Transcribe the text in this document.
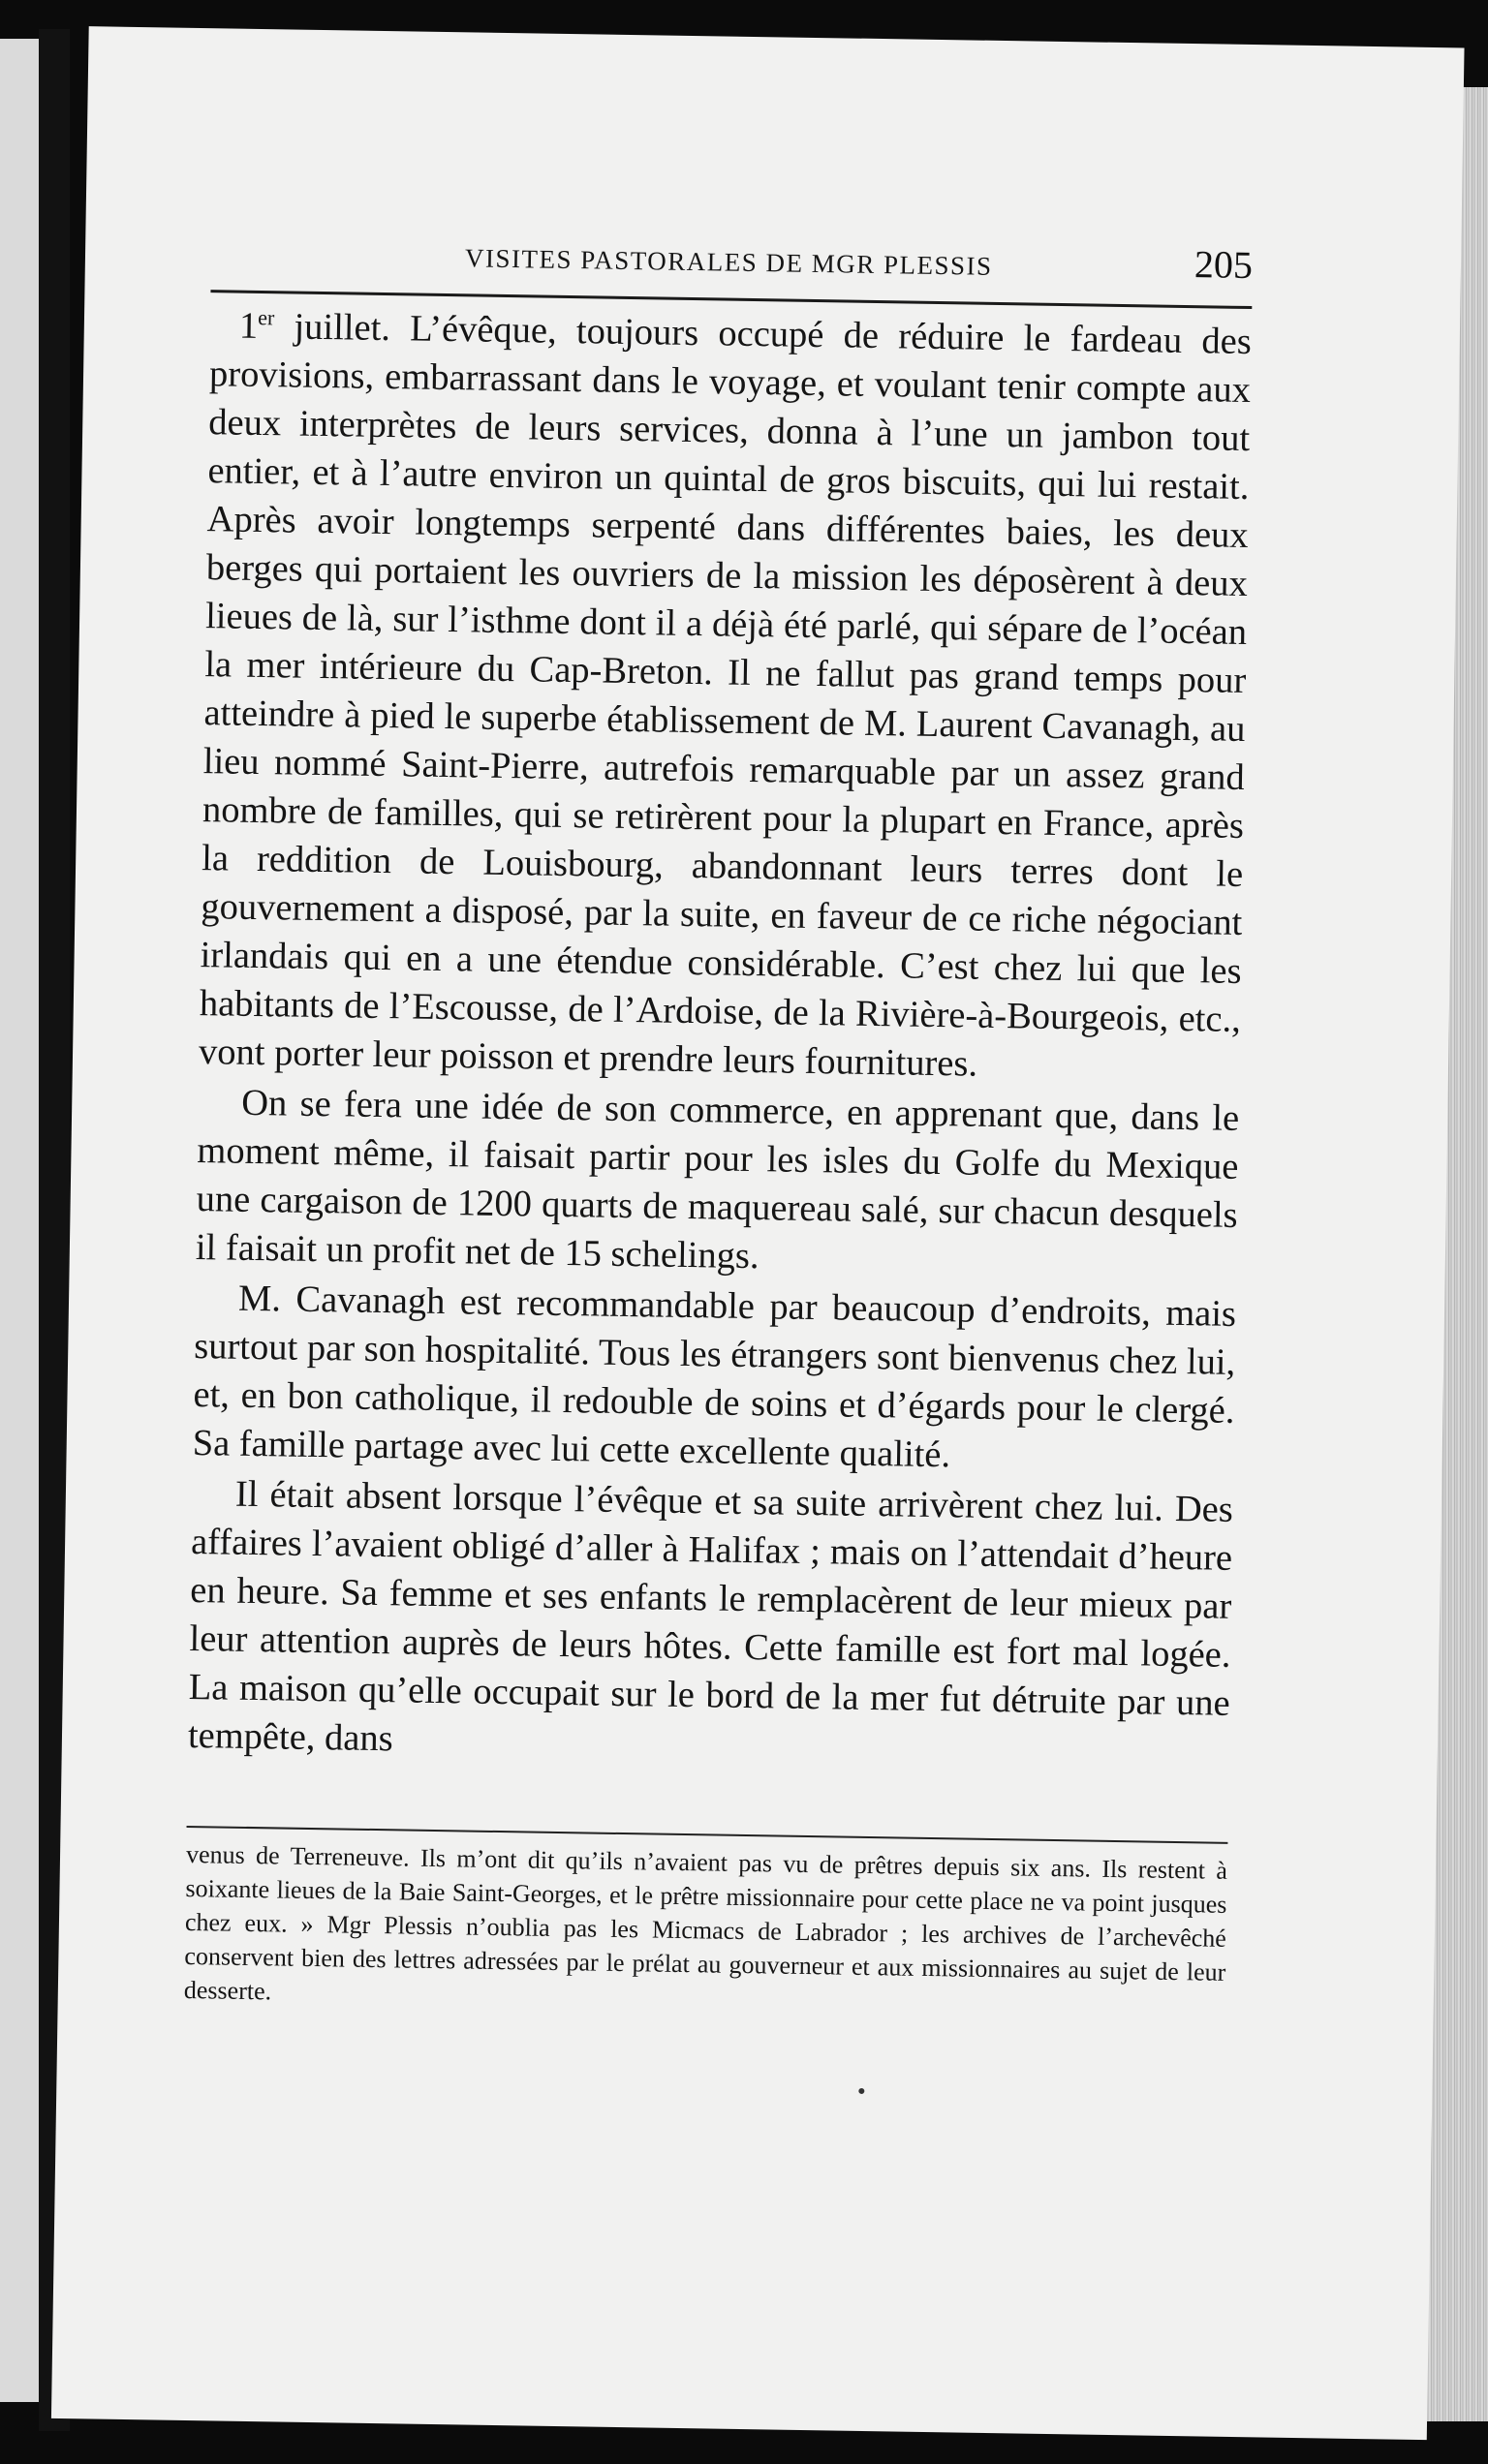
VISITES PASTORALES DE MGR PLESSIS	205

1er juillet. L’évêque, toujours occupé de réduire le fardeau des provisions, embarrassant dans le voyage, et voulant tenir compte aux deux interprètes de leurs services, donna à l’une un jambon tout entier, et à l’autre environ un quintal de gros biscuits, qui lui restait. Après avoir longtemps serpenté dans différentes baies, les deux berges qui portaient les ouvriers de la mission les déposèrent à deux lieues de là, sur l’isthme dont il a déjà été parlé, qui sépare de l’océan la mer intérieure du Cap-Breton. Il ne fallut pas grand temps pour atteindre à pied le superbe établissement de M. Laurent Cavanagh, au lieu nommé Saint-Pierre, autrefois remarquable par un assez grand nombre de familles, qui se retirèrent pour la plupart en France, après la reddition de Louisbourg, abandonnant leurs terres dont le gouvernement a disposé, par la suite, en faveur de ce riche négociant irlandais qui en a une étendue considérable. C’est chez lui que les habitants de l’Escousse, de l’Ardoise, de la Rivière-à-Bourgeois, etc., vont porter leur poisson et prendre leurs fournitures.

On se fera une idée de son commerce, en apprenant que, dans le moment même, il faisait partir pour les isles du Golfe du Mexique une cargaison de 1200 quarts de maquereau salé, sur chacun desquels il faisait un profit net de 15 schelings.

M. Cavanagh est recommandable par beaucoup d’endroits, mais surtout par son hospitalité. Tous les étrangers sont bienvenus chez lui, et, en bon catholique, il redouble de soins et d’égards pour le clergé. Sa famille partage avec lui cette excellente qualité.

Il était absent lorsque l’évêque et sa suite arrivèrent chez lui. Des affaires l’avaient obligé d’aller à Halifax ; mais on l’attendait d’heure en heure. Sa femme et ses enfants le remplacèrent de leur mieux par leur attention auprès de leurs hôtes. Cette famille est fort mal logée. La maison qu’elle occupait sur le bord de la mer fut détruite par une tempête, dans

venus de Terreneuve. Ils m’ont dit qu’ils n’avaient pas vu de prêtres depuis six ans. Ils restent à soixante lieues de la Baie Saint-Georges, et le prêtre missionnaire pour cette place ne va point jusques chez eux. » Mgr Plessis n’oublia pas les Micmacs de Labrador ; les archives de l’archevêché conservent bien des lettres adressées par le prélat au gouverneur et aux missionnaires au sujet de leur desserte.
